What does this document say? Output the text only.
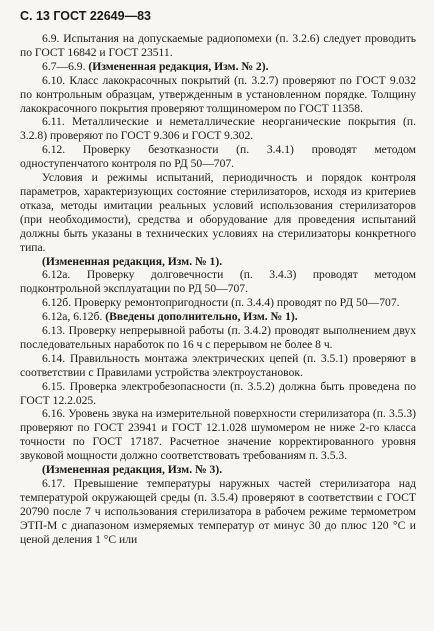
С. 13 ГОСТ 22649—83

6.9. Испытания на допускаемые радиопомехи (п. 3.2.6) следует проводить по ГОСТ 16842 и ГОСТ 23511.

6.7—6.9. (Измененная редакция, Изм. № 2).

6.10. Класс лакокрасочных покрытий (п. 3.2.7) проверяют по ГОСТ 9.032 по контрольным образцам, утвержденным в установленном порядке. Толщину лакокрасочного покрытия проверяют толщиномером по ГОСТ 11358.

6.11. Металлические и неметаллические неорганические покрытия (п. 3.2.8) проверяют по ГОСТ 9.306 и ГОСТ 9.302.

6.12. Проверку безотказности (п. 3.4.1) проводят методом одноступенчатого контроля по РД 50—707.

Условия и режимы испытаний, периодичность и порядок контроля параметров, характеризующих состояние стерилизаторов, исходя из критериев отказа, методы имитации реальных условий использования стерилизаторов (при необходимости), средства и оборудование для проведения испытаний должны быть указаны в технических условиях на стерилизаторы конкретного типа.

(Измененная редакция, Изм. № 1).

6.12a. Проверку долговечности (п. 3.4.3) проводят методом подконтрольной эксплуатации по РД 50—707.

6.12б. Проверку ремонтопригодности (п. 3.4.4) проводят по РД 50—707.

6.12a, 6.12б. (Введены дополнительно, Изм. № 1).

6.13. Проверку непрерывной работы (п. 3.4.2) проводят выполнением двух последовательных наработок по 16 ч с перерывом не более 8 ч.

6.14. Правильность монтажа электрических цепей (п. 3.5.1) проверяют в соответствии с Правилами устройства электроустановок.

6.15. Проверка электробезопасности (п. 3.5.2) должна быть проведена по ГОСТ 12.2.025.

6.16. Уровень звука на измерительной поверхности стерилизатора (п. 3.5.3) проверяют по ГОСТ 23941 и ГОСТ 12.1.028 шумомером не ниже 2-го класса точности по ГОСТ 17187. Расчетное значение корректированного уровня звуковой мощности должно соответствовать требованиям п. 3.5.3.

(Измененная редакция, Изм. № 3).

6.17. Превышение температуры наружных частей стерилизатора над температурой окружающей среды (п. 3.5.4) проверяют в соответствии с ГОСТ 20790 после 7 ч использования стерилизатора в рабочем режиме термометром ЭТП-М с диапазоном измеряемых температур от минус 30 до плюс 120 °С и ценой деления 1 °С или
